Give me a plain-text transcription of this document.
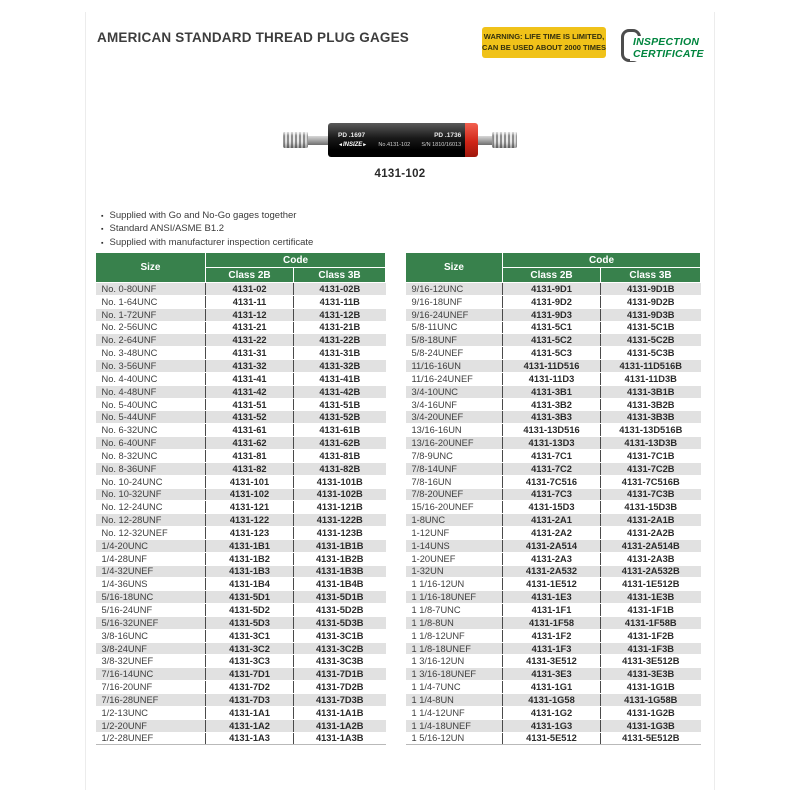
AMERICAN STANDARD THREAD PLUG GAGES	WARNING: LIFE TIME IS LIMITED,
CAN BE USED ABOUT 2000 TIMES	INSPECTION
CERTIFICATE
PD .1697	PD .1736
◄ INSIZE ►	No.4131-102 S/N 1810/16013
4131-102
▪ Supplied with Go and No-Go gages together
▪ Standard ANSI/ASME B1.2
▪ Supplied with manufacturer inspection certificate
Size	Code	
	Class 2B	Class 3B
No. 0-80UNF	4131-02	4131-02B
No. 1-64UNC	4131-11	4131-11B
No. 1-72UNF	4131-12	4131-12B
No. 2-56UNC	4131-21	4131-21B
No. 2-64UNF	4131-22	4131-22B
No. 3-48UNC	4131-31	4131-31B
No. 3-56UNF	4131-32	4131-32B
No. 4-40UNC	4131-41	4131-41B
No. 4-48UNF	4131-42	4131-42B
No. 5-40UNC	4131-51	4131-51B
No. 5-44UNF	4131-52	4131-52B
No. 6-32UNC	4131-61	4131-61B
No. 6-40UNF	4131-62	4131-62B
No. 8-32UNC	4131-81	4131-81B
No. 8-36UNF	4131-82	4131-82B
No. 10-24UNC	4131-101	4131-101B
No. 10-32UNF	4131-102	4131-102B
No. 12-24UNC	4131-121	4131-121B
No. 12-28UNF	4131-122	4131-122B
No. 12-32UNEF	4131-123	4131-123B
1/4-20UNC	4131-1B1	4131-1B1B
1/4-28UNF	4131-1B2	4131-1B2B
1/4-32UNEF	4131-1B3	4131-1B3B
1/4-36UNS	4131-1B4	4131-1B4B
5/16-18UNC	4131-5D1	4131-5D1B
5/16-24UNF	4131-5D2	4131-5D2B
5/16-32UNEF	4131-5D3	4131-5D3B
3/8-16UNC	4131-3C1	4131-3C1B
3/8-24UNF	4131-3C2	4131-3C2B
3/8-32UNEF	4131-3C3	4131-3C3B
7/16-14UNC	4131-7D1	4131-7D1B
7/16-20UNF	4131-7D2	4131-7D2B
7/16-28UNEF	4131-7D3	4131-7D3B
1/2-13UNC	4131-1A1	4131-1A1B
1/2-20UNF	4131-1A2	4131-1A2B
1/2-28UNEF	4131-1A3	4131-1A3B
Size	Code	
	Class 2B	Class 3B
9/16-12UNC	4131-9D1	4131-9D1B
9/16-18UNF	4131-9D2	4131-9D2B
9/16-24UNEF	4131-9D3	4131-9D3B
5/8-11UNC	4131-5C1	4131-5C1B
5/8-18UNF	4131-5C2	4131-5C2B
5/8-24UNEF	4131-5C3	4131-5C3B
11/16-16UN	4131-11D516	4131-11D516B
11/16-24UNEF	4131-11D3	4131-11D3B
3/4-10UNC	4131-3B1	4131-3B1B
3/4-16UNF	4131-3B2	4131-3B2B
3/4-20UNEF	4131-3B3	4131-3B3B
13/16-16UN	4131-13D516	4131-13D516B
13/16-20UNEF	4131-13D3	4131-13D3B
7/8-9UNC	4131-7C1	4131-7C1B
7/8-14UNF	4131-7C2	4131-7C2B
7/8-16UN	4131-7C516	4131-7C516B
7/8-20UNEF	4131-7C3	4131-7C3B
15/16-20UNEF	4131-15D3	4131-15D3B
1-8UNC	4131-2A1	4131-2A1B
1-12UNF	4131-2A2	4131-2A2B
1-14UNS	4131-2A514	4131-2A514B
1-20UNEF	4131-2A3	4131-2A3B
1-32UN	4131-2A532	4131-2A532B
1 1/16-12UN	4131-1E512	4131-1E512B
1 1/16-18UNEF	4131-1E3	4131-1E3B
1 1/8-7UNC	4131-1F1	4131-1F1B
1 1/8-8UN	4131-1F58	4131-1F58B
1 1/8-12UNF	4131-1F2	4131-1F2B
1 1/8-18UNEF	4131-1F3	4131-1F3B
1 3/16-12UN	4131-3E512	4131-3E512B
1 3/16-18UNEF	4131-3E3	4131-3E3B
1 1/4-7UNC	4131-1G1	4131-1G1B
1 1/4-8UN	4131-1G58	4131-1G58B
1 1/4-12UNF	4131-1G2	4131-1G2B
1 1/4-18UNEF	4131-1G3	4131-1G3B
1 5/16-12UN	4131-5E512	4131-5E512B
